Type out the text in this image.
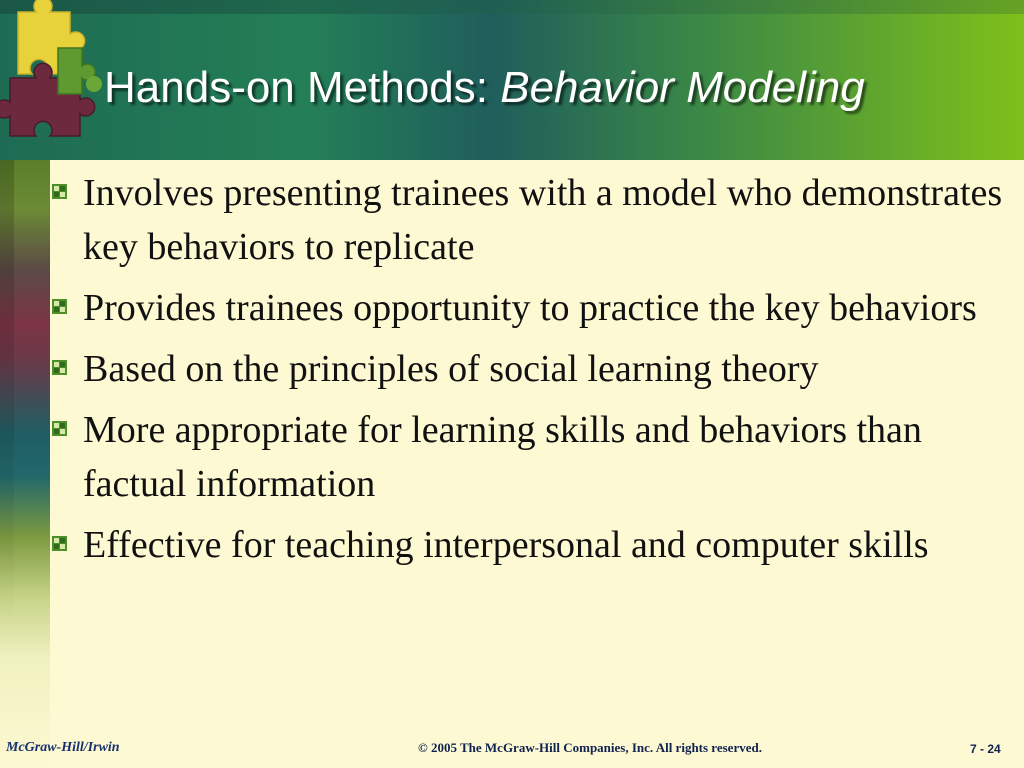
Hands-on Methods: Behavior Modeling
Involves presenting trainees with a model who demonstrates key behaviors to replicate
Provides trainees opportunity to practice the key behaviors
Based on the principles of social learning theory
More appropriate for learning skills and behaviors than factual information
Effective for teaching interpersonal and computer skills
McGraw-Hill/Irwin	© 2005 The McGraw-Hill Companies, Inc. All rights reserved.	7 - 24
